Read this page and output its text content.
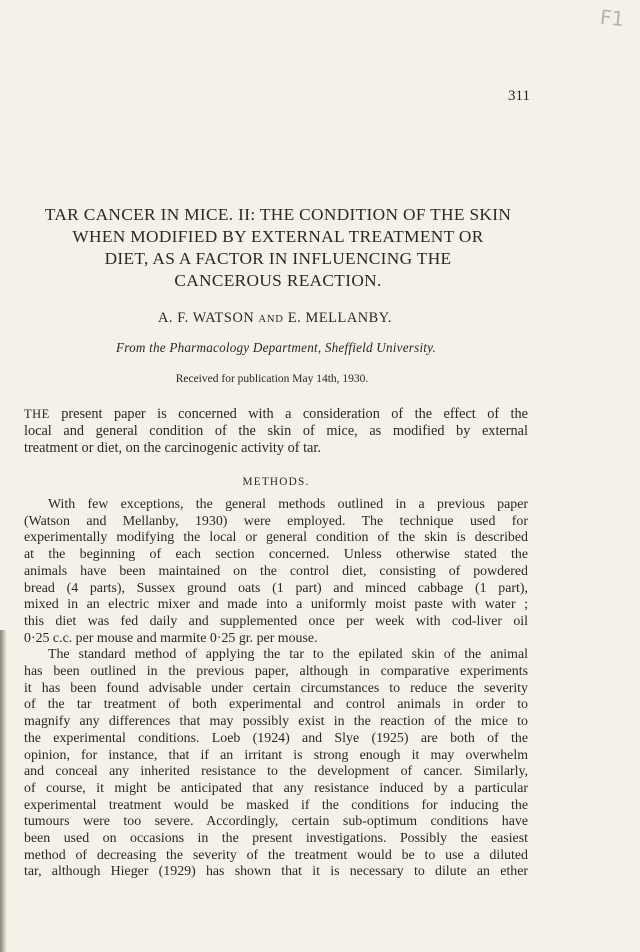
F1
311
TAR CANCER IN MICE. II: THE CONDITION OF THE SKIN
WHEN MODIFIED BY EXTERNAL TREATMENT OR
DIET, AS A FACTOR IN INFLUENCING THE
CANCEROUS REACTION.
A. F. WATSON AND E. MELLANBY.
From the Pharmacology Department, Sheffield University.
Received for publication May 14th, 1930.
THE present paper is concerned with a consideration of the effect of the
local and general condition of the skin of mice, as modified by external
treatment or diet, on the carcinogenic activity of tar.
METHODS.
With few exceptions, the general methods outlined in a previous paper
(Watson and Mellanby, 1930) were employed. The technique used for
experimentally modifying the local or general condition of the skin is described
at the beginning of each section concerned. Unless otherwise stated the
animals have been maintained on the control diet, consisting of powdered
bread (4 parts), Sussex ground oats (1 part) and minced cabbage (1 part),
mixed in an electric mixer and made into a uniformly moist paste with water ;
this diet was fed daily and supplemented once per week with cod-liver oil
0·25 c.c. per mouse and marmite 0·25 gr. per mouse.
The standard method of applying the tar to the epilated skin of the animal
has been outlined in the previous paper, although in comparative experiments
it has been found advisable under certain circumstances to reduce the severity
of the tar treatment of both experimental and control animals in order to
magnify any differences that may possibly exist in the reaction of the mice to
the experimental conditions. Loeb (1924) and Slye (1925) are both of the
opinion, for instance, that if an irritant is strong enough it may overwhelm
and conceal any inherited resistance to the development of cancer. Similarly,
of course, it might be anticipated that any resistance induced by a particular
experimental treatment would be masked if the conditions for inducing the
tumours were too severe. Accordingly, certain sub-optimum conditions have
been used on occasions in the present investigations. Possibly the easiest
method of decreasing the severity of the treatment would be to use a diluted
tar, although Hieger (1929) has shown that it is necessary to dilute an ether
